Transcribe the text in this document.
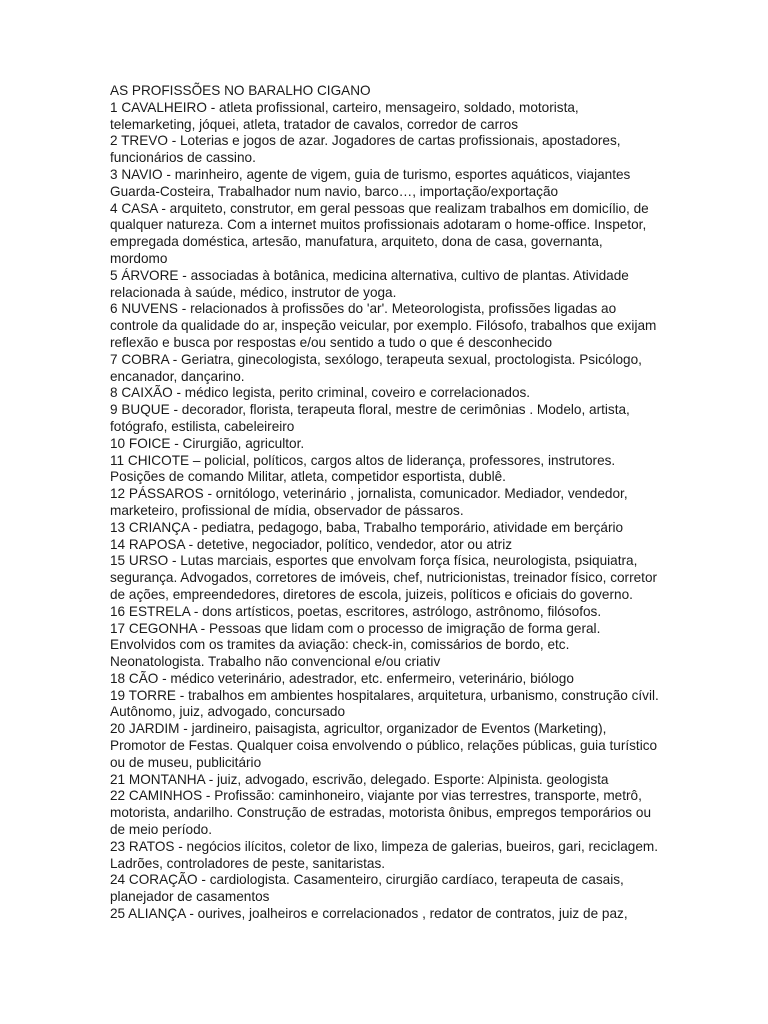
AS PROFISSÕES NO BARALHO CIGANO
1 CAVALHEIRO - atleta profissional, carteiro, mensageiro, soldado, motorista,
telemarketing, jóquei, atleta, tratador de cavalos, corredor de carros
2 TREVO - Loterias e jogos de azar. Jogadores de cartas profissionais, apostadores,
funcionários de cassino.
3 NAVIO - marinheiro, agente de vigem, guia de turismo, esportes aquáticos, viajantes
Guarda-Costeira, Trabalhador num navio, barco…, importação/exportação
4 CASA - arquiteto, construtor, em geral pessoas que realizam trabalhos em domicílio, de
qualquer natureza. Com a internet muitos profissionais adotaram o home-office. Inspetor,
empregada doméstica, artesão, manufatura, arquiteto, dona de casa, governanta,
mordomo
5 ÁRVORE - associadas à botânica, medicina alternativa, cultivo de plantas. Atividade
relacionada à saúde, médico, instrutor de yoga.
6 NUVENS - relacionados à profissões do 'ar'. Meteorologista, profissões ligadas ao
controle da qualidade do ar, inspeção veicular, por exemplo. Filósofo, trabalhos que exijam
reflexão e busca por respostas e/ou sentido a tudo o que é desconhecido
7 COBRA - Geriatra, ginecologista, sexólogo, terapeuta sexual, proctologista. Psicólogo,
encanador, dançarino.
8 CAIXÃO - médico legista, perito criminal, coveiro e correlacionados.
9 BUQUE - decorador, florista, terapeuta floral, mestre de cerimônias . Modelo, artista,
fotógrafo, estilista, cabeleireiro
10 FOICE - Cirurgião, agricultor.
11 CHICOTE – policial, políticos, cargos altos de liderança, professores, instrutores.
Posições de comando Militar, atleta, competidor esportista, dublê.
12 PÁSSAROS - ornitólogo, veterinário , jornalista, comunicador. Mediador, vendedor,
marketeiro, profissional de mídia, observador de pássaros.
13 CRIANÇA - pediatra, pedagogo, baba, Trabalho temporário, atividade em berçário
14 RAPOSA - detetive, negociador, político, vendedor, ator ou atriz
15 URSO - Lutas marciais, esportes que envolvam força física, neurologista, psiquiatra,
segurança. Advogados, corretores de imóveis, chef, nutricionistas, treinador físico, corretor
de ações, empreendedores, diretores de escola, juizeis, políticos e oficiais do governo.
16 ESTRELA - dons artísticos, poetas, escritores, astrólogo, astrônomo, filósofos.
17 CEGONHA - Pessoas que lidam com o processo de imigração de forma geral.
Envolvidos com os tramites da aviação: check-in, comissários de bordo, etc.
Neonatologista. Trabalho não convencional e/ou criativ
18 CÃO - médico veterinário, adestrador, etc. enfermeiro, veterinário, biólogo
19 TORRE - trabalhos em ambientes hospitalares, arquitetura, urbanismo, construção cívil.
Autônomo, juiz, advogado, concursado
20 JARDIM - jardineiro, paisagista, agricultor, organizador de Eventos (Marketing),
Promotor de Festas. Qualquer coisa envolvendo o público, relações públicas, guia turístico
ou de museu, publicitário
21 MONTANHA - juiz, advogado, escrivão, delegado. Esporte: Alpinista. geologista
22 CAMINHOS - Profissão: caminhoneiro, viajante por vias terrestres, transporte, metrô,
motorista, andarilho. Construção de estradas, motorista ônibus, empregos temporários ou
de meio período.
23 RATOS - negócios ilícitos, coletor de lixo, limpeza de galerias, bueiros, gari, reciclagem.
Ladrões, controladores de peste, sanitaristas.
24 CORAÇÃO - cardiologista. Casamenteiro, cirurgião cardíaco, terapeuta de casais,
planejador de casamentos
25 ALIANÇA - ourives, joalheiros e correlacionados , redator de contratos, juiz de paz,
